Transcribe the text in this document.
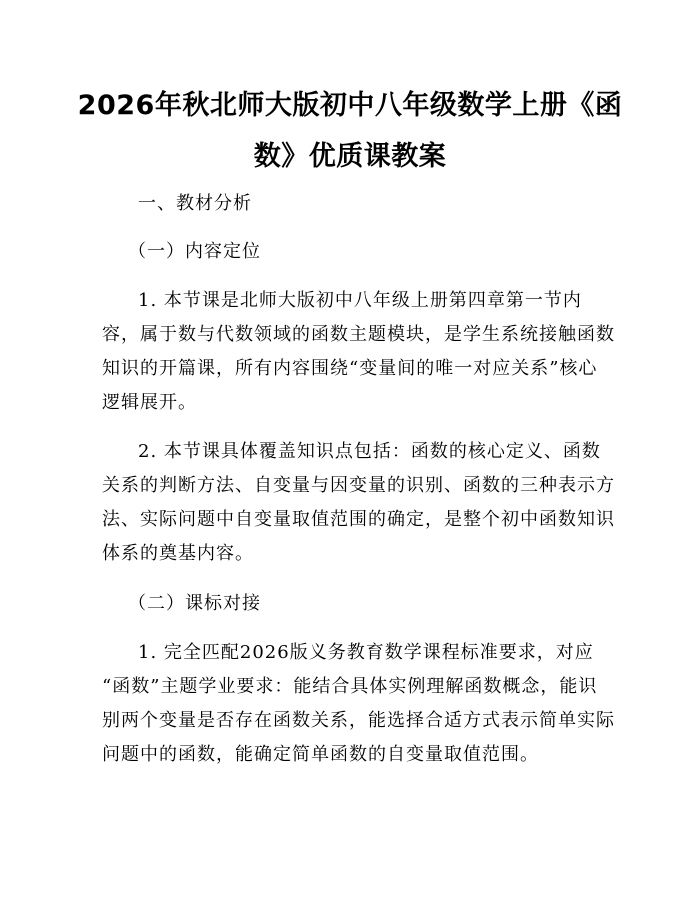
2026年秋北师大版初中八年级数学上册《函
数》优质课教案
一、教材分析
（一）内容定位
1. 本节课是北师大版初中八年级上册第四章第一节内
容，属于数与代数领域的函数主题模块，是学生系统接触函数
知识的开篇课，所有内容围绕“变量间的唯一对应关系”核心
逻辑展开。
2. 本节课具体覆盖知识点包括：函数的核心定义、函数
关系的判断方法、自变量与因变量的识别、函数的三种表示方
法、实际问题中自变量取值范围的确定，是整个初中函数知识
体系的奠基内容。
（二）课标对接
1. 完全匹配2026版义务教育数学课程标准要求，对应
“函数”主题学业要求：能结合具体实例理解函数概念，能识
别两个变量是否存在函数关系，能选择合适方式表示简单实际
问题中的函数，能确定简单函数的自变量取值范围。
